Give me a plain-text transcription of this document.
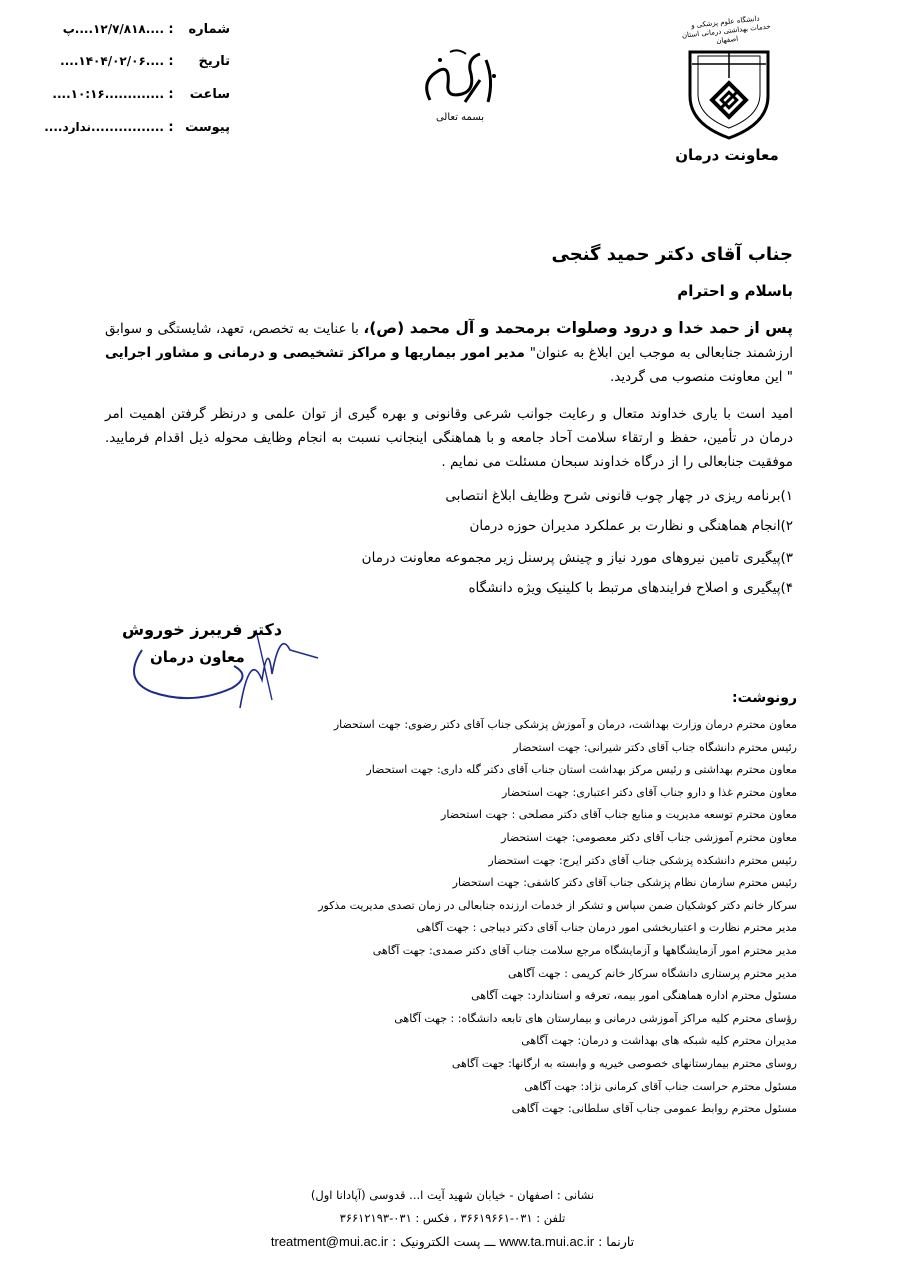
دانشگاه علوم پزشکی و خدمات بهداشتی درمانی استان اصفهان
معاونت درمان
بسمه تعالی
شماره:....۱۲/۷/۸۱۸....پ
تاریخ:....۱۴۰۴/۰۲/۰۶....
ساعت:.............۱۰:۱۶....
پیوست:................ندارد....
جناب آقای دکتر حمید گنجی
باسلام و احترام
پس از حمد خدا و درود وصلوات برمحمد و آل محمد (ص)، با عنایت به تخصص، تعهد، شایستگی و سوابق ارزشمند جنابعالی به موجب این ابلاغ به عنوان" مدیر امور بیماریها و مراکز تشخیصی و درمانی و مشاور اجرایی " این معاونت منصوب می گردید.
امید است با یاری خداوند متعال و رعایت جوانب شرعی وقانونی و بهره گیری از توان علمی و درنظر گرفتن اهمیت امر درمان در تأمین، حفظ و ارتقاء سلامت آحاد جامعه و با هماهنگی اینجانب نسبت به انجام وظایف محوله ذیل اقدام فرمایید. موفقیت جنابعالی را از درگاه خداوند سبحان مسئلت می نمایم .
۱)برنامه ریزی در چهار چوب قانونی شرح وظایف ابلاغ انتصابی
۲)انجام هماهنگی و نظارت بر عملکرد مدیران حوزه درمان
۳)پیگیری تامین نیروهای مورد نیاز و چینش پرسنل زیر مجموعه معاونت درمان
۴)پیگیری و اصلاح فرایندهای مرتبط با کلینیک ویژه دانشگاه
دکتر فریبرز خوروش
معاون درمان
رونوشت:
معاون محترم درمان وزارت بهداشت، درمان و آموزش پزشکی جناب آقای دکتر رضوی: جهت استحضار
رئیس محترم دانشگاه جناب آقای دکتر شیرانی: جهت استحضار
معاون محترم بهداشتی و رئیس مرکز بهداشت استان جناب آقای دکتر گله داری: جهت استحضار
معاون محترم غذا و دارو جناب آقای دکتر اعتباری: جهت استحضار
معاون محترم توسعه مدیریت و منابع جناب آقای دکتر مصلحی : جهت استحضار
معاون محترم آموزشی جناب آقای دکتر معصومی: جهت استحضار
رئیس محترم دانشکده پزشکی جناب آقای دکتر ایرج: جهت استحضار
رئیس محترم سازمان نظام پزشکی جناب آقای دکتر کاشفی: جهت استحضار
سرکار خانم دکتر کوشکیان ضمن سپاس و تشکر از خدمات ارزنده جنابعالی در زمان تصدی مدیریت مذکور
مدیر محترم نظارت و اعتباربخشی امور درمان جناب آقای دکتر دیباجی : جهت آگاهی
مدیر محترم امور آزمایشگاهها و آزمایشگاه مرجع سلامت جناب آقای دکتر صمدی: جهت آگاهی
مدیر محترم پرستاری دانشگاه سرکار خانم کریمی : جهت آگاهی
مسئول محترم اداره هماهنگی امور بیمه، تعرفه و استاندارد: جهت آگاهی
رؤسای محترم کلیه مراکز آموزشی درمانی و بیمارستان های تابعه دانشگاه: : جهت آگاهی
مدیران محترم کلیه شبکه های بهداشت و درمان: جهت آگاهی
روسای محترم بیمارستانهای خصوصی خیریه و وابسته به ارگانها: جهت آگاهی
مسئول محترم حراست جناب آقای کرمانی نژاد: جهت آگاهی
مسئول محترم روابط عمومی جناب آقای سلطانی: جهت آگاهی
نشانی : اصفهان - خیابان شهید آیت ا... قدوسی (آپادانا اول)
تلفن : ۰۳۱-۳۶۶۱۹۶۶۱ ، فکس : ۰۳۱-۳۶۶۱۲۱۹۳
تارنما : www.ta.mui.ac.ir ـــ پست الکترونیک : treatment@mui.ac.ir
